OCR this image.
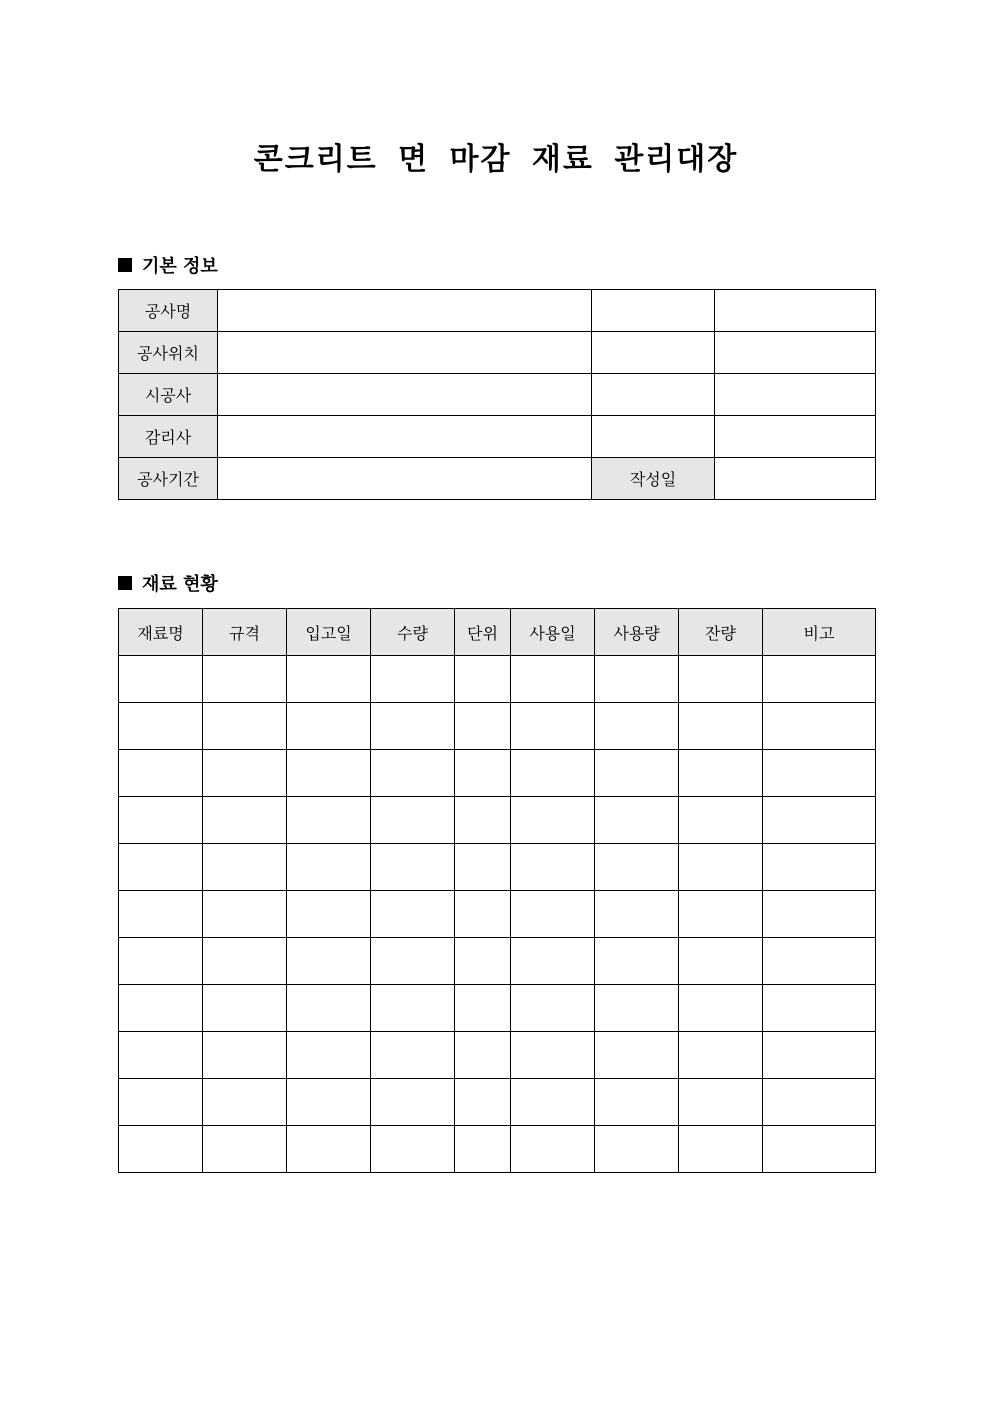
콘크리트 면 마감 재료 관리대장
기본 정보
공사명			
공사위치			
시공사			
감리사			
공사기간		작성일	
재료 현황
재료명	규격	입고일	수량	단위	사용일	사용량	잔량	비고
